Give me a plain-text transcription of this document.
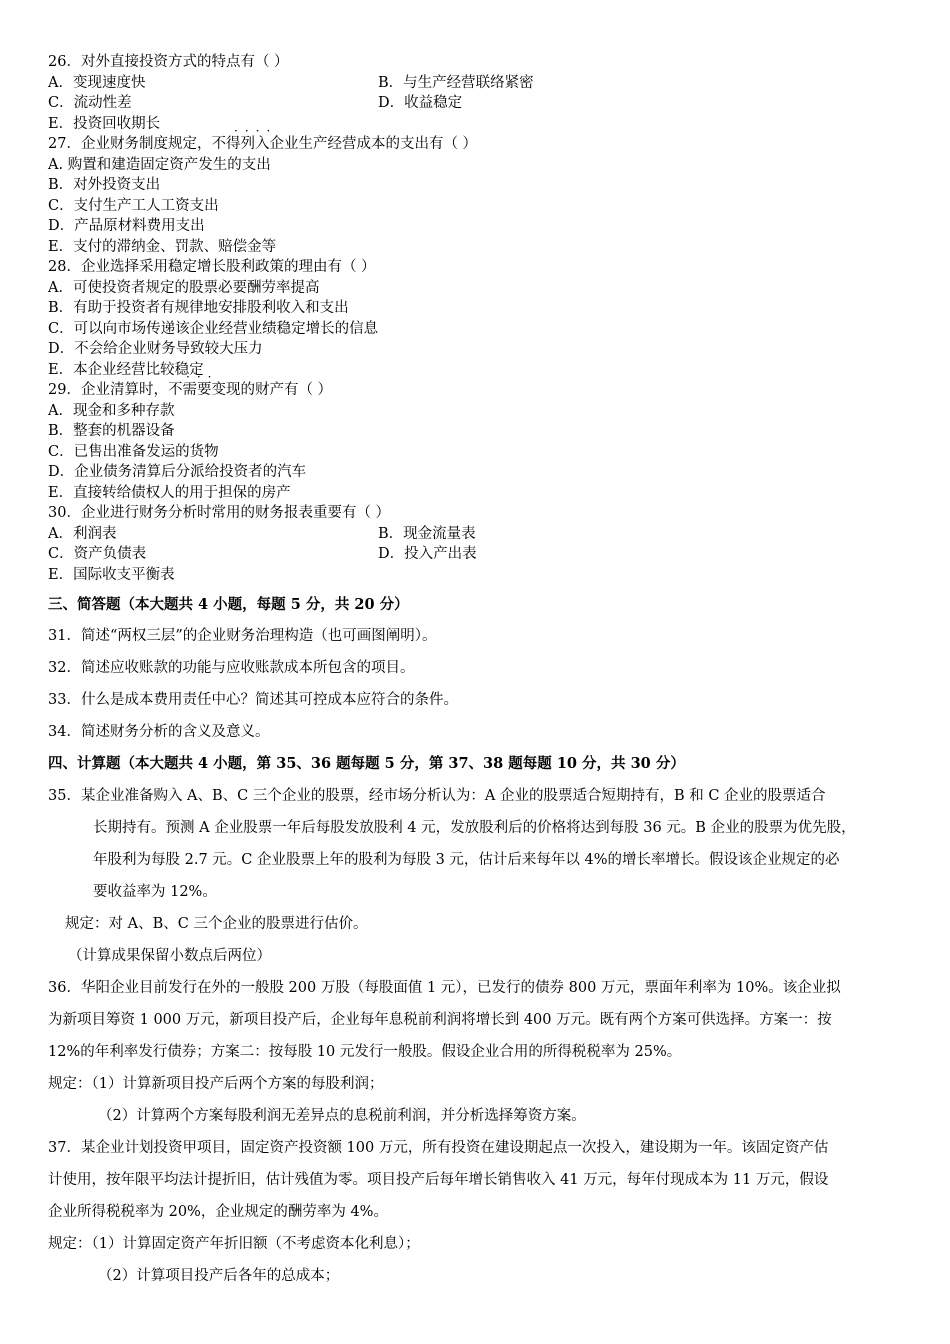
26．对外直接投资方式的特点有（ ）
A．变现速度快	B．与生产经营联络紧密
C．流动性差	D．收益稳定
E．投资回收期长	····
27．企业财务制度规定，不得列入企业生产经营成本的支出有（ ）
A. 购置和建造固定资产发生的支出
B．对外投资支出
C．支付生产工人工资支出
D．产品原材料费用支出
E．支付的滞纳金、罚款、赔偿金等
28．企业选择采用稳定增长股利政策的理由有（ ）
A．可使投资者规定的股票必要酬劳率提高
B．有助于投资者有规律地安排股利收入和支出
C．可以向市场传递该企业经营业绩稳定增长的信息
D．不会给企业财务导致较大压力
E．本企业经营比较稳定
···
29．企业清算时，不需要变现的财产有（ ）
A．现金和多种存款
B．整套的机器设备
C．已售出准备发运的货物
D．企业债务清算后分派给投资者的汽车
E．直接转给债权人的用于担保的房产
30．企业进行财务分析时常用的财务报表重要有（ ）
A．利润表	B．现金流量表
C．资产负债表	D．投入产出表
E．国际收支平衡表
三、简答题（本大题共 4 小题，每题 5 分，共 20 分）
31．简述“两权三层”的企业财务治理构造（也可画图阐明）。
32．简述应收账款的功能与应收账款成本所包含的项目。
33．什么是成本费用责任中心？简述其可控成本应符合的条件。
34．简述财务分析的含义及意义。
四、计算题（本大题共 4 小题，第 35、36 题每题 5 分，第 37、38 题每题 10 分，共 30 分）
35．某企业准备购入 A、B、C 三个企业的股票，经市场分析认为：A 企业的股票适合短期持有，B 和 C 企业的股票适合
长期持有。预测 A 企业股票一年后每股发放股利 4 元，发放股利后的价格将达到每股 36 元。B 企业的股票为优先股，
年股利为每股 2.7 元。C 企业股票上年的股利为每股 3 元，估计后来每年以 4%的增长率增长。假设该企业规定的必
要收益率为 12%。
规定：对 A、B、C 三个企业的股票进行估价。
（计算成果保留小数点后两位）
36．华阳企业目前发行在外的一般股 200 万股（每股面值 1 元），已发行的债券 800 万元，票面年利率为 10%。该企业拟
为新项目筹资 1 000 万元，新项目投产后，企业每年息税前利润将增长到 400 万元。既有两个方案可供选择。方案一：按
12%的年利率发行债券；方案二：按每股 10 元发行一般股。假设企业合用的所得税税率为 25%。
规定：（1）计算新项目投产后两个方案的每股利润；
（2）计算两个方案每股利润无差异点的息税前利润，并分析选择筹资方案。
37．某企业计划投资甲项目，固定资产投资额 100 万元，所有投资在建设期起点一次投入，建设期为一年。该固定资产估
计使用，按年限平均法计提折旧，估计残值为零。项目投产后每年增长销售收入 41 万元，每年付现成本为 11 万元，假设
企业所得税税率为 20%，企业规定的酬劳率为 4%。
规定：（1）计算固定资产年折旧额（不考虑资本化利息）；
（2）计算项目投产后各年的总成本；
